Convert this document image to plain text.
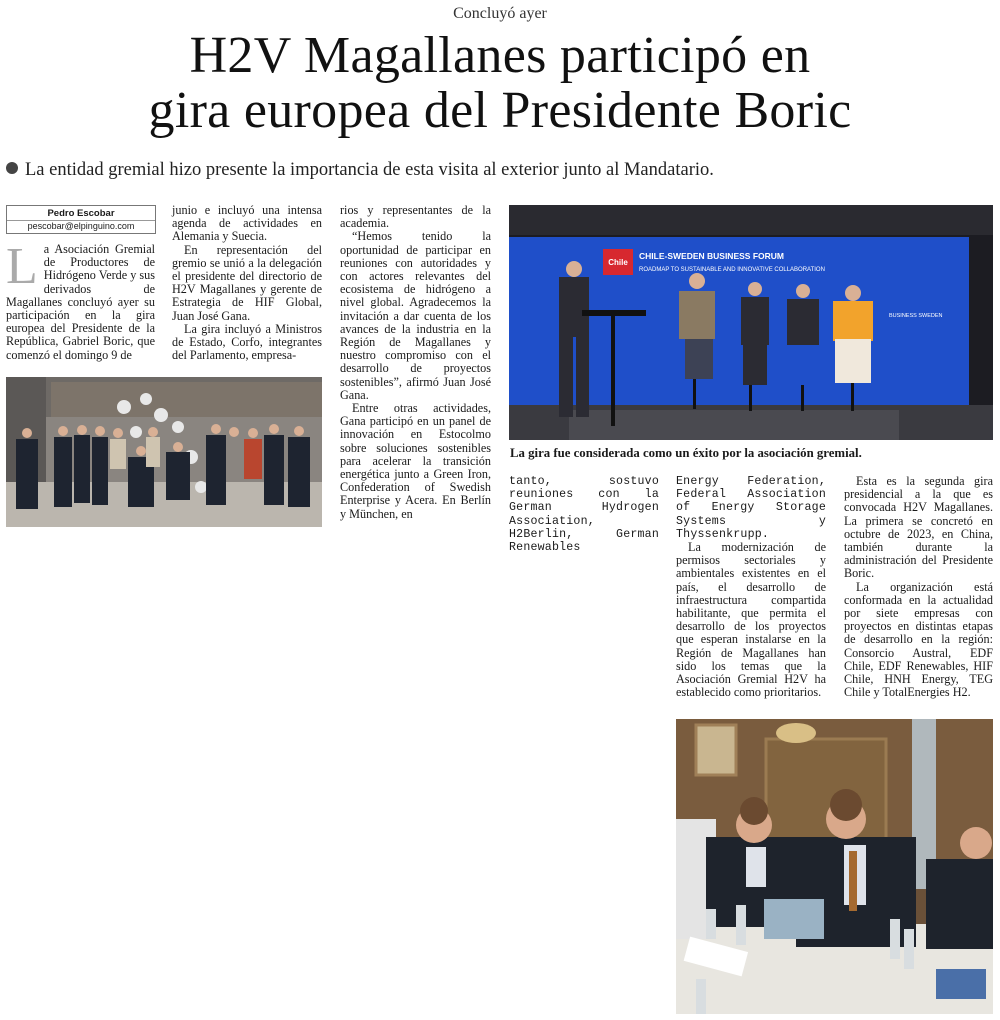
Concluyó ayer
H2V Magallanes participó en
gira europea del Presidente Boric
La entidad gremial hizo presente la importancia de esta visita al exterior junto al Mandatario.
Pedro Escobar
pescobar@elpinguino.com
L a Asociación Gremial de Productores de Hidrógeno Verde y sus derivados de Magallanes concluyó ayer su participación en la gira europea del Presidente de la República, Gabriel Boric, que comenzó el domingo 9 de

junio e incluyó una intensa agenda de actividades en Alemania y Suecia.

En representación del gremio se unió a la delegación el presidente del directorio de H2V Magallanes y gerente de Estrategia de HIF Global, Juan José Gana.

La gira incluyó a Ministros de Estado, Corfo, integrantes del Parlamento, empresa-

rios y representantes de la academia.

“Hemos tenido la oportunidad de participar en reuniones con autoridades y con actores relevantes del ecosistema de hidrógeno a nivel global. Agradecemos la invitación a dar cuenta de los avances de la industria en la Región de Magallanes y nuestro compromiso con el desarrollo de proyectos sostenibles”, afirmó Juan José Gana.

Entre otras actividades, Gana participó en un panel de innovación en Estocolmo sobre soluciones sostenibles para acelerar la transición energética junto a Green Iron, Confederation of Swedish Enterprise y Acera. En Berlín y München, en

Chile
CHILE-SWEDEN BUSINESS FORUM
ROADMAP TO SUSTAINABLE AND INNOVATIVE COLLABORATION
BUSINESS SWEDEN
La gira fue considerada como un éxito por la asociación gremial.
tanto, sostuvo reuniones con la German Hydrogen Association, H2Berlin, German Renewables

Energy Federation, Federal Association of Energy Storage Systems y Thyssenkrupp.

La modernización de permisos sectoriales y ambientales existentes en el país, el desarrollo de infraestructura compartida habilitante, que permita el desarrollo de los proyectos que esperan instalarse en la Región de Magallanes han sido los temas que la Asociación Gremial H2V ha establecido como prioritarios.

Esta es la segunda gira presidencial a la que es convocada H2V Magallanes. La primera se concretó en octubre de 2023, en China, también durante la administración del Presidente Boric.

La organización está conformada en la actualidad por siete empresas con proyectos en distintas etapas de desarrollo en la región: Consorcio Austral, EDF Chile, EDF Renewables, HIF Chile, HNH Energy, TEG Chile y TotalEnergies H2.
